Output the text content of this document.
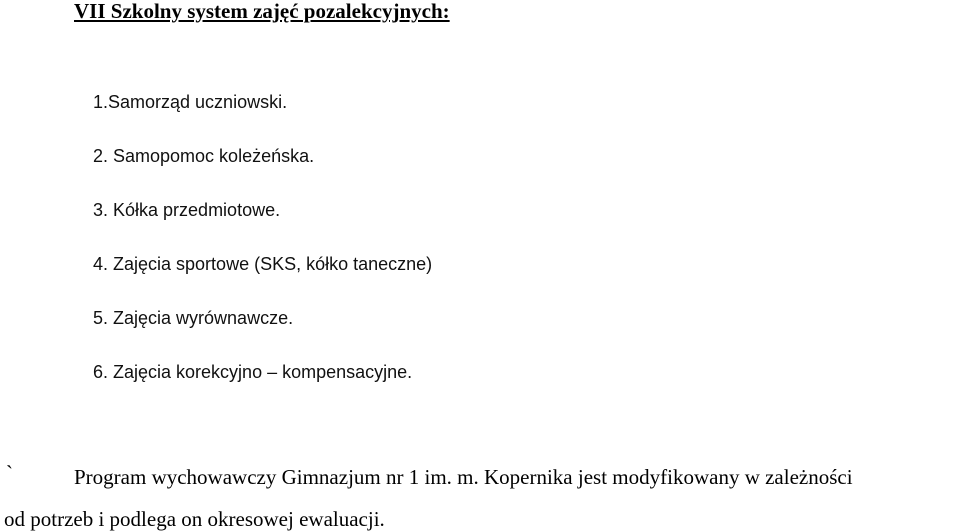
VII Szkolny system zajęć pozalekcyjnych:
1.Samorząd uczniowski.
2. Samopomoc koleżeńska.
3. Kółka przedmiotowe.
4. Zajęcia sportowe (SKS, kółko taneczne)
5. Zajęcia wyrównawcze.
6. Zajęcia korekcyjno – kompensacyjne.
`	Program wychowawczy Gimnazjum nr 1 im. m. Kopernika jest modyfikowany w zależności
od potrzeb i podlega on okresowej ewaluacji.
